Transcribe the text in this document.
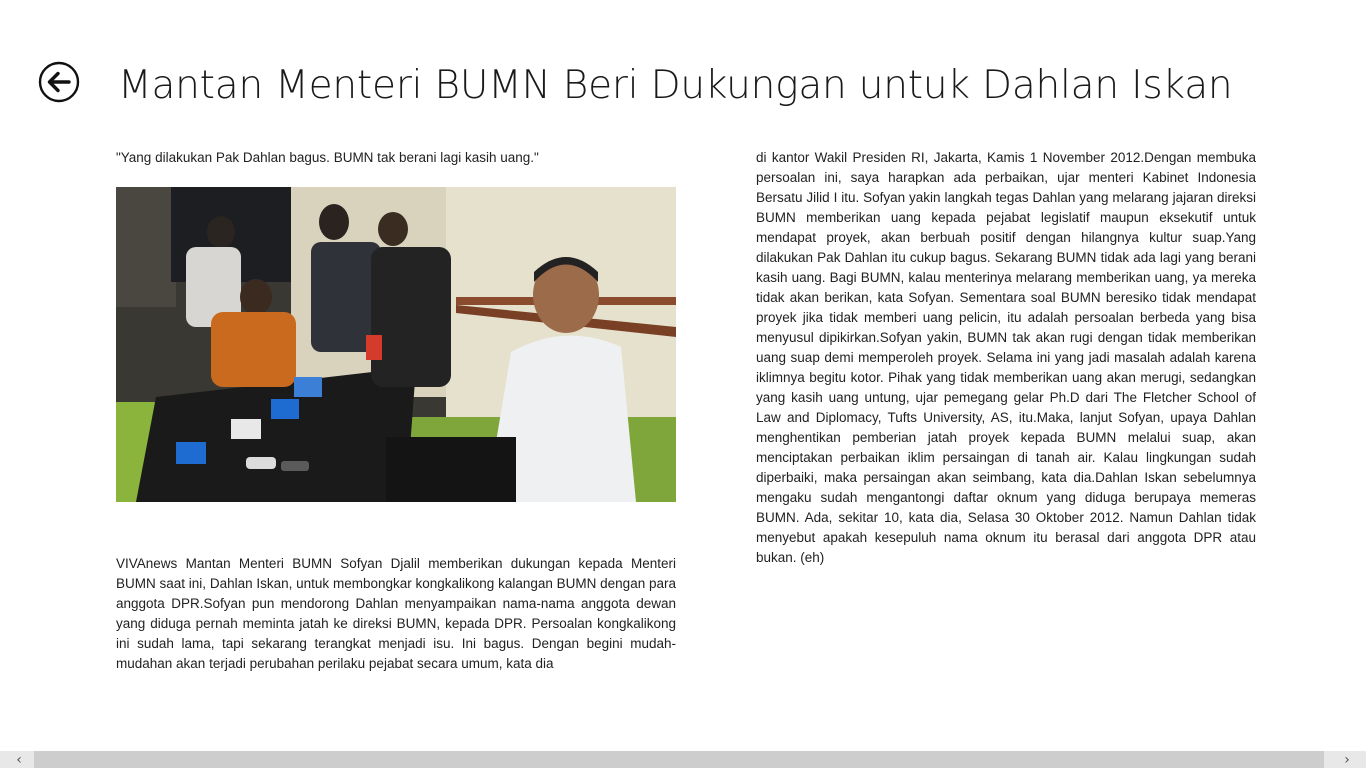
Mantan Menteri BUMN Beri Dukungan untuk Dahlan Iskan

"Yang dilakukan Pak Dahlan bagus. BUMN tak berani lagi kasih uang."

VIVAnews Mantan Menteri BUMN Sofyan Djalil memberikan dukungan kepada Menteri BUMN saat ini, Dahlan Iskan, untuk membongkar kongkalikong kalangan BUMN dengan para anggota DPR.Sofyan pun mendorong Dahlan menyampaikan nama-nama anggota dewan yang diduga pernah meminta jatah ke direksi BUMN, kepada DPR. Persoalan kongkalikong ini sudah lama, tapi sekarang terangkat menjadi isu. Ini bagus. Dengan begini mudah-mudahan akan terjadi perubahan perilaku pejabat secara umum, kata dia

di kantor Wakil Presiden RI, Jakarta, Kamis 1 November 2012.Dengan membuka persoalan ini, saya harapkan ada perbaikan, ujar menteri Kabinet Indonesia Bersatu Jilid I itu. Sofyan yakin langkah tegas Dahlan yang melarang jajaran direksi BUMN memberikan uang kepada pejabat legislatif maupun eksekutif untuk mendapat proyek, akan berbuah positif dengan hilangnya kultur suap.Yang dilakukan Pak Dahlan itu cukup bagus. Sekarang BUMN tidak ada lagi yang berani kasih uang. Bagi BUMN, kalau menterinya melarang memberikan uang, ya mereka tidak akan berikan, kata Sofyan. Sementara soal BUMN beresiko tidak mendapat proyek jika tidak memberi uang pelicin, itu adalah persoalan berbeda yang bisa menyusul dipikirkan.Sofyan yakin, BUMN tak akan rugi dengan tidak memberikan uang suap demi memperoleh proyek. Selama ini yang jadi masalah adalah karena iklimnya begitu kotor. Pihak yang tidak memberikan uang akan merugi, sedangkan yang kasih uang untung, ujar pemegang gelar Ph.D dari The Fletcher School of Law and Diplomacy, Tufts University, AS, itu.Maka, lanjut Sofyan, upaya Dahlan menghentikan pemberian jatah proyek kepada BUMN melalui suap, akan menciptakan perbaikan iklim persaingan di tanah air. Kalau lingkungan sudah diperbaiki, maka persaingan akan seimbang, kata dia.Dahlan Iskan sebelumnya mengaku sudah mengantongi daftar oknum yang diduga berupaya memeras BUMN. Ada, sekitar 10, kata dia, Selasa 30 Oktober 2012. Namun Dahlan tidak menyebut apakah kesepuluh nama oknum itu berasal dari anggota DPR atau bukan. (eh)

‹	›
